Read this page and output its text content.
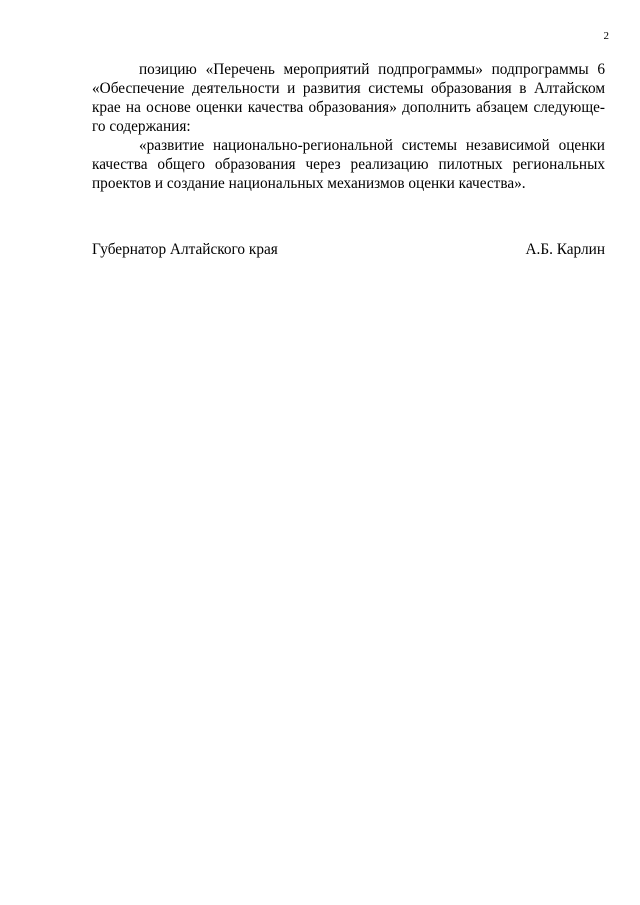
2
позицию «Перечень мероприятий подпрограммы» подпрограммы 6
«Обеспечение деятельности и развития системы образования в Алтайском
крае на основе оценки качества образования» дополнить абзацем следующе-
го содержания:
«развитие национально-региональной системы независимой оценки
качества общего образования через реализацию пилотных региональных
проектов и создание национальных механизмов оценки качества».
Губернатор Алтайского края	А.Б. Карлин
